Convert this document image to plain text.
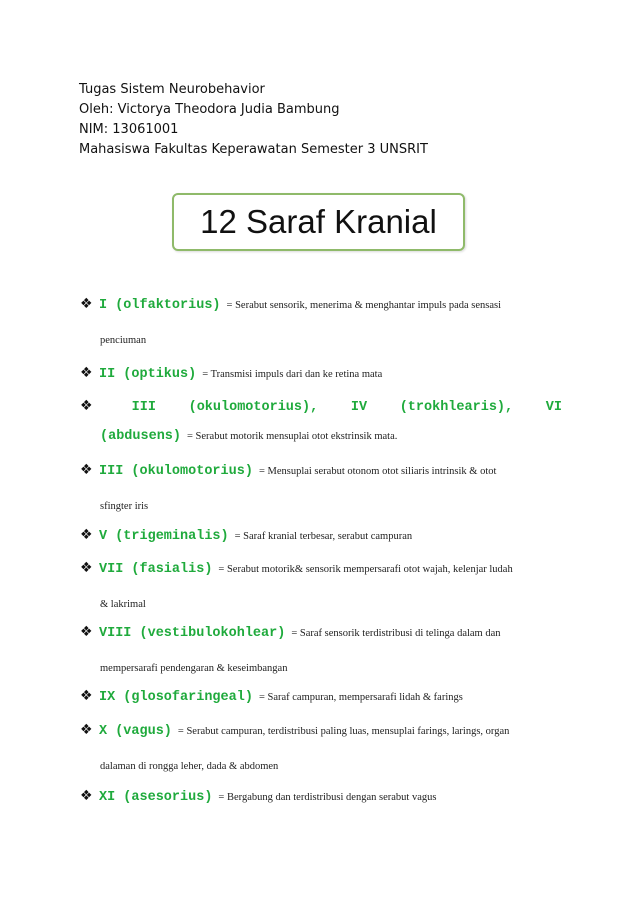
Tugas Sistem Neurobehavior
Oleh: Victorya Theodora Judia Bambung
NIM: 13061001
Mahasiswa Fakultas Keperawatan Semester 3 UNSRIT
12 Saraf Kranial
❖ I (olfaktorius) = Serabut sensorik, menerima & menghantar impuls pada sensasi
penciuman
❖ II (optikus) = Transmisi impuls dari dan ke retina mata
❖	III (okulomotorius), IV (trokhlearis), VI
(abdusens) = Serabut motorik mensuplai otot ekstrinsik mata.
❖ III (okulomotorius) = Mensuplai serabut otonom otot siliaris intrinsik & otot
sfingter iris
❖ V (trigeminalis) = Saraf kranial terbesar, serabut campuran
❖ VII (fasialis) = Serabut motorik& sensorik mempersarafi otot wajah, kelenjar ludah
& lakrimal
❖ VIII (vestibulokohlear) = Saraf sensorik terdistribusi di telinga dalam dan
mempersarafi pendengaran & keseimbangan
❖ IX (glosofaringeal) = Saraf campuran, mempersarafi lidah & farings
❖ X (vagus) = Serabut campuran, terdistribusi paling luas, mensuplai farings, larings, organ
dalaman di rongga leher, dada & abdomen
❖ XI (asesorius) = Bergabung dan terdistribusi dengan serabut vagus
